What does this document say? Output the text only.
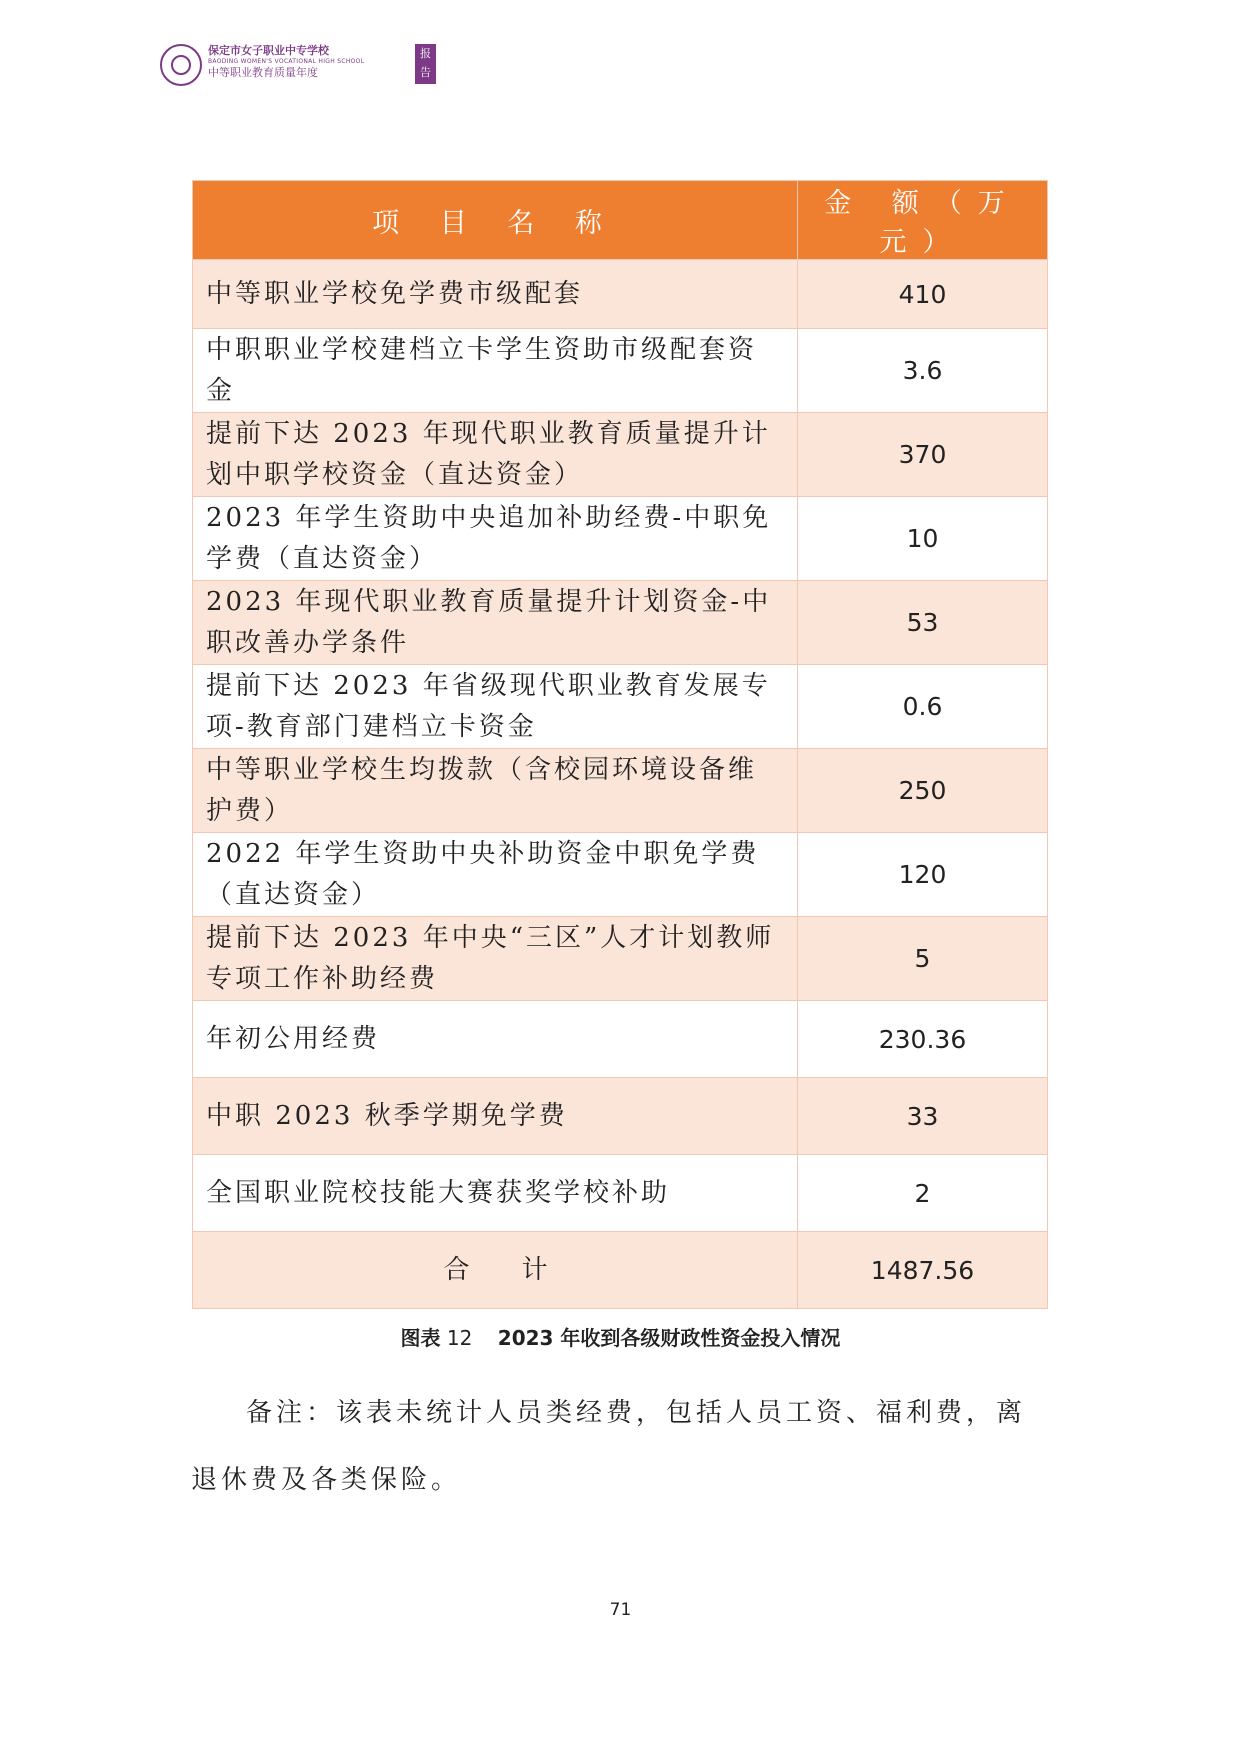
保定市女子职业中专学校
BAODING WOMEN'S VOCATIONAL HIGH SCHOOL
中等职业教育质量年度
报告
项 目 名 称	金 额（万元）
中等职业学校免学费市级配套	410
中职职业学校建档立卡学生资助市级配套资金	3.6
提前下达 2023 年现代职业教育质量提升计划中职学校资金（直达资金）	370
2023 年学生资助中央追加补助经费-中职免学费（直达资金）	10
2023 年现代职业教育质量提升计划资金-中职改善办学条件	53
提前下达 2023 年省级现代职业教育发展专项-教育部门建档立卡资金	0.6
中等职业学校生均拨款（含校园环境设备维护费）	250
2022 年学生资助中央补助资金中职免学费（直达资金）	120
提前下达 2023 年中央“三区”人才计划教师专项工作补助经费	5
年初公用经费	230.36
中职 2023 秋季学期免学费	33
全国职业院校技能大赛获奖学校补助	2
合　　计	1487.56
图表 12 2023 年收到各级财政性资金投入情况

备注：该表未统计人员类经费，包括人员工资、福利费，离退休费及各类保险。

71
